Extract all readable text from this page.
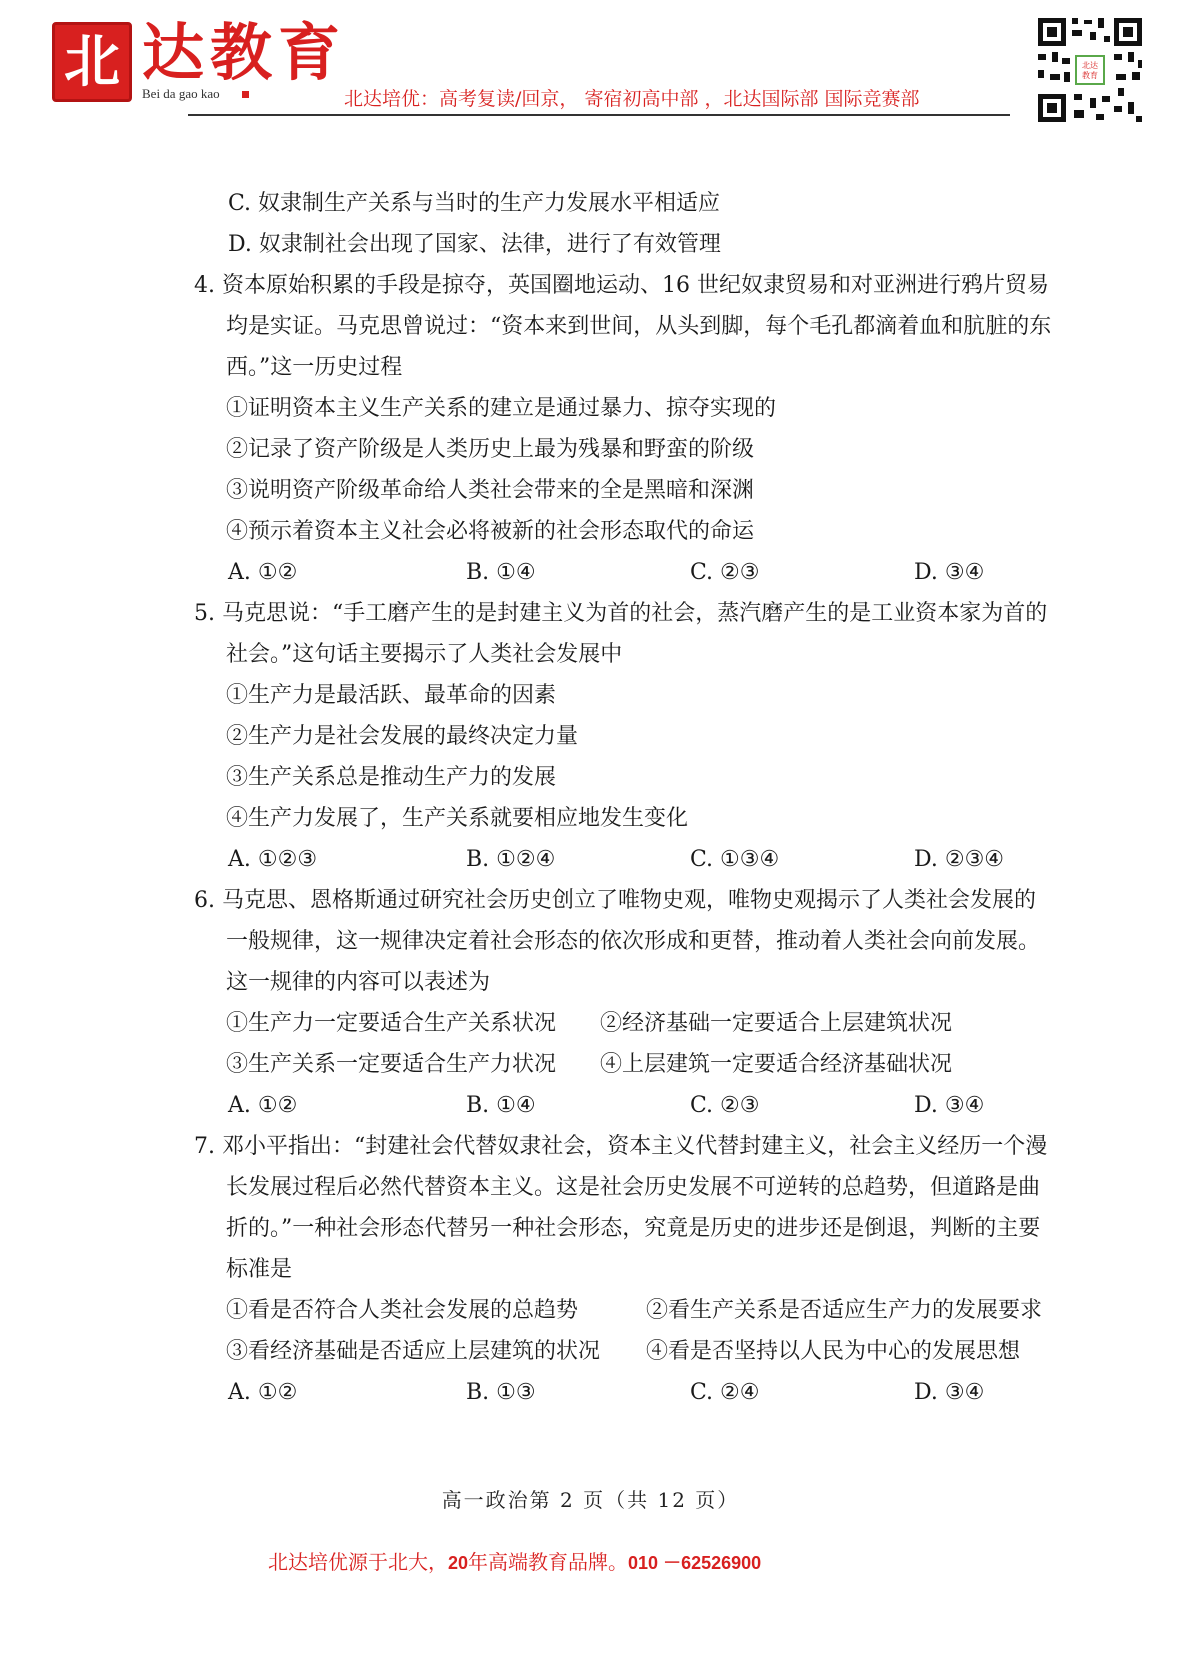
北 达教育
Bei da gao kao	北达培优：高考复读/回京， 寄宿初高中部 ，北达国际部 国际竞赛部
北达
教育
C. 奴隶制生产关系与当时的生产力发展水平相适应
D. 奴隶制社会出现了国家、法律，进行了有效管理
4. 资本原始积累的手段是掠夺，英国圈地运动、16 世纪奴隶贸易和对亚洲进行鸦片贸易
均是实证。马克思曾说过：“资本来到世间，从头到脚，每个毛孔都滴着血和肮脏的东
西。”这一历史过程
①证明资本主义生产关系的建立是通过暴力、掠夺实现的
②记录了资产阶级是人类历史上最为残暴和野蛮的阶级
③说明资产阶级革命给人类社会带来的全是黑暗和深渊
④预示着资本主义社会必将被新的社会形态取代的命运
A. ①②	B. ①④	C. ②③	D. ③④
5. 马克思说：“手工磨产生的是封建主义为首的社会，蒸汽磨产生的是工业资本家为首的
社会。”这句话主要揭示了人类社会发展中
①生产力是最活跃、最革命的因素
②生产力是社会发展的最终决定力量
③生产关系总是推动生产力的发展
④生产力发展了，生产关系就要相应地发生变化
A. ①②③	B. ①②④	C. ①③④	D. ②③④
6. 马克思、恩格斯通过研究社会历史创立了唯物史观，唯物史观揭示了人类社会发展的
一般规律，这一规律决定着社会形态的依次形成和更替，推动着人类社会向前发展。
这一规律的内容可以表述为
①生产力一定要适合生产关系状况 ②经济基础一定要适合上层建筑状况
③生产关系一定要适合生产力状况 ④上层建筑一定要适合经济基础状况
A. ①②	B. ①④	C. ②③	D. ③④
7. 邓小平指出：“封建社会代替奴隶社会，资本主义代替封建主义，社会主义经历一个漫
长发展过程后必然代替资本主义。这是社会历史发展不可逆转的总趋势，但道路是曲
折的。”一种社会形态代替另一种社会形态，究竟是历史的进步还是倒退，判断的主要
标准是
①看是否符合人类社会发展的总趋势	②看生产关系是否适应生产力的发展要求
③看经济基础是否适应上层建筑的状况 ④看是否坚持以人民为中心的发展思想
A. ①②	B. ①③	C. ②④	D. ③④
高一政治第 2 页（共 12 页）
北达培优源于北大，20年高端教育品牌。010 －62526900
